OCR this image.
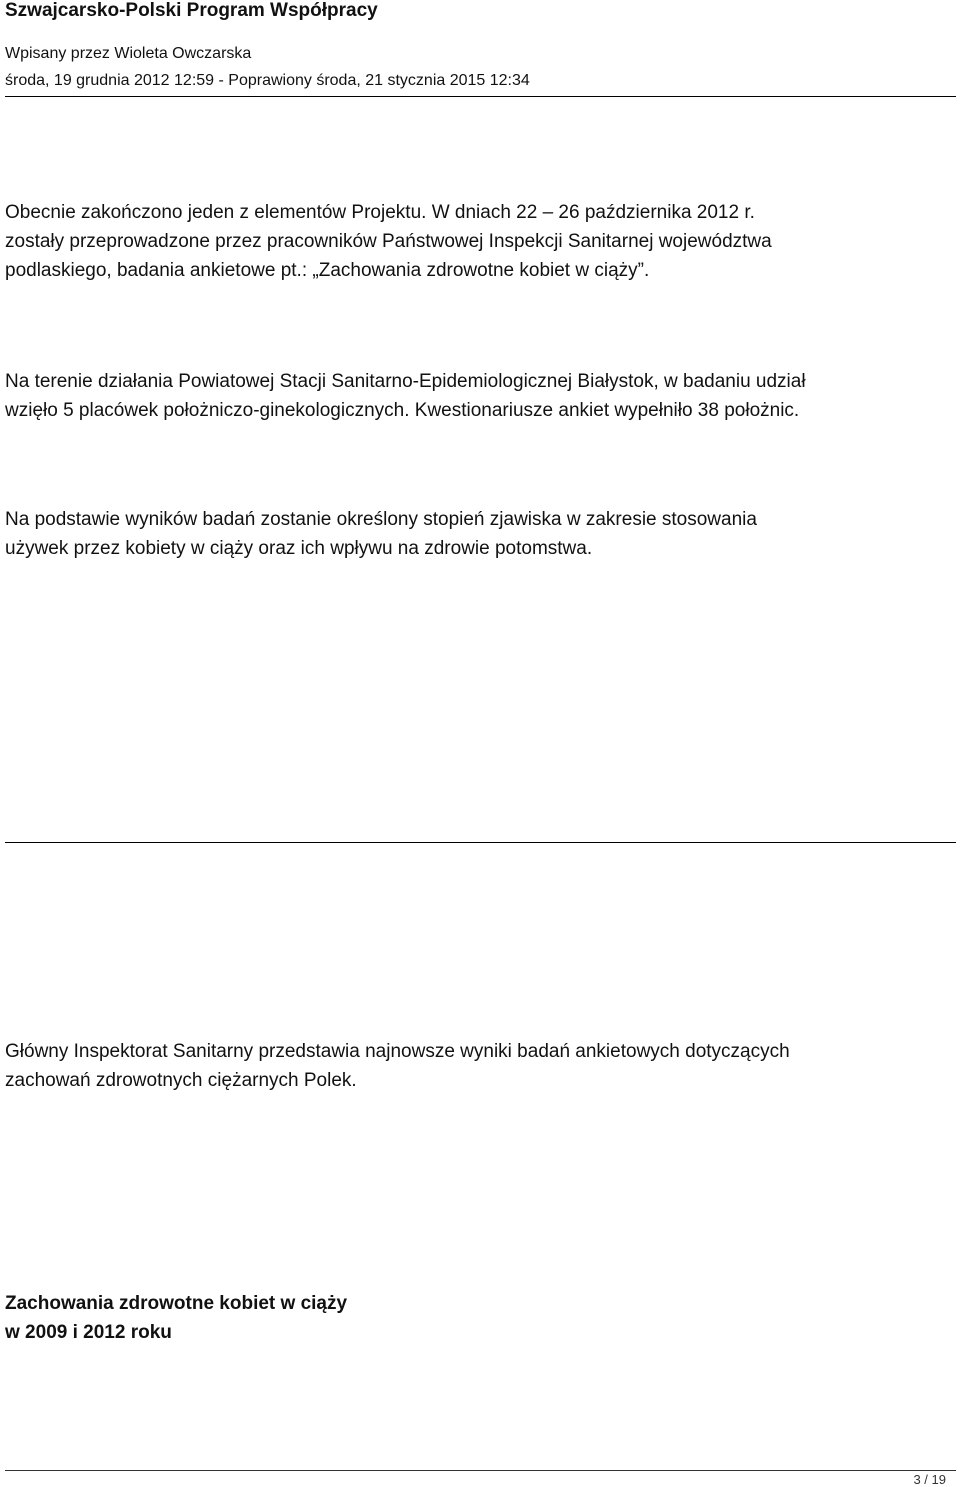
Szwajcarsko-Polski Program Współpracy
Wpisany przez Wioleta Owczarska
środa, 19 grudnia 2012 12:59 - Poprawiony środa, 21 stycznia 2015 12:34

Obecnie zakończono jeden z elementów Projektu. W dniach 22 – 26 października 2012 r.
zostały przeprowadzone przez pracowników Państwowej Inspekcji Sanitarnej województwa
podlaskiego, badania ankietowe pt.: „Zachowania zdrowotne kobiet w ciąży”.

Na terenie działania Powiatowej Stacji Sanitarno-Epidemiologicznej Białystok, w badaniu udział
wzięło 5 placówek położniczo-ginekologicznych. Kwestionariusze ankiet wypełniło 38 położnic.

Na podstawie wyników badań zostanie określony stopień zjawiska w zakresie stosowania
używek przez kobiety w ciąży oraz ich wpływu na zdrowie potomstwa.

Główny Inspektorat Sanitarny przedstawia najnowsze wyniki badań ankietowych dotyczących
zachowań zdrowotnych ciężarnych Polek.

Zachowania zdrowotne kobiet w ciąży
w 2009 i 2012 roku

3 / 19
